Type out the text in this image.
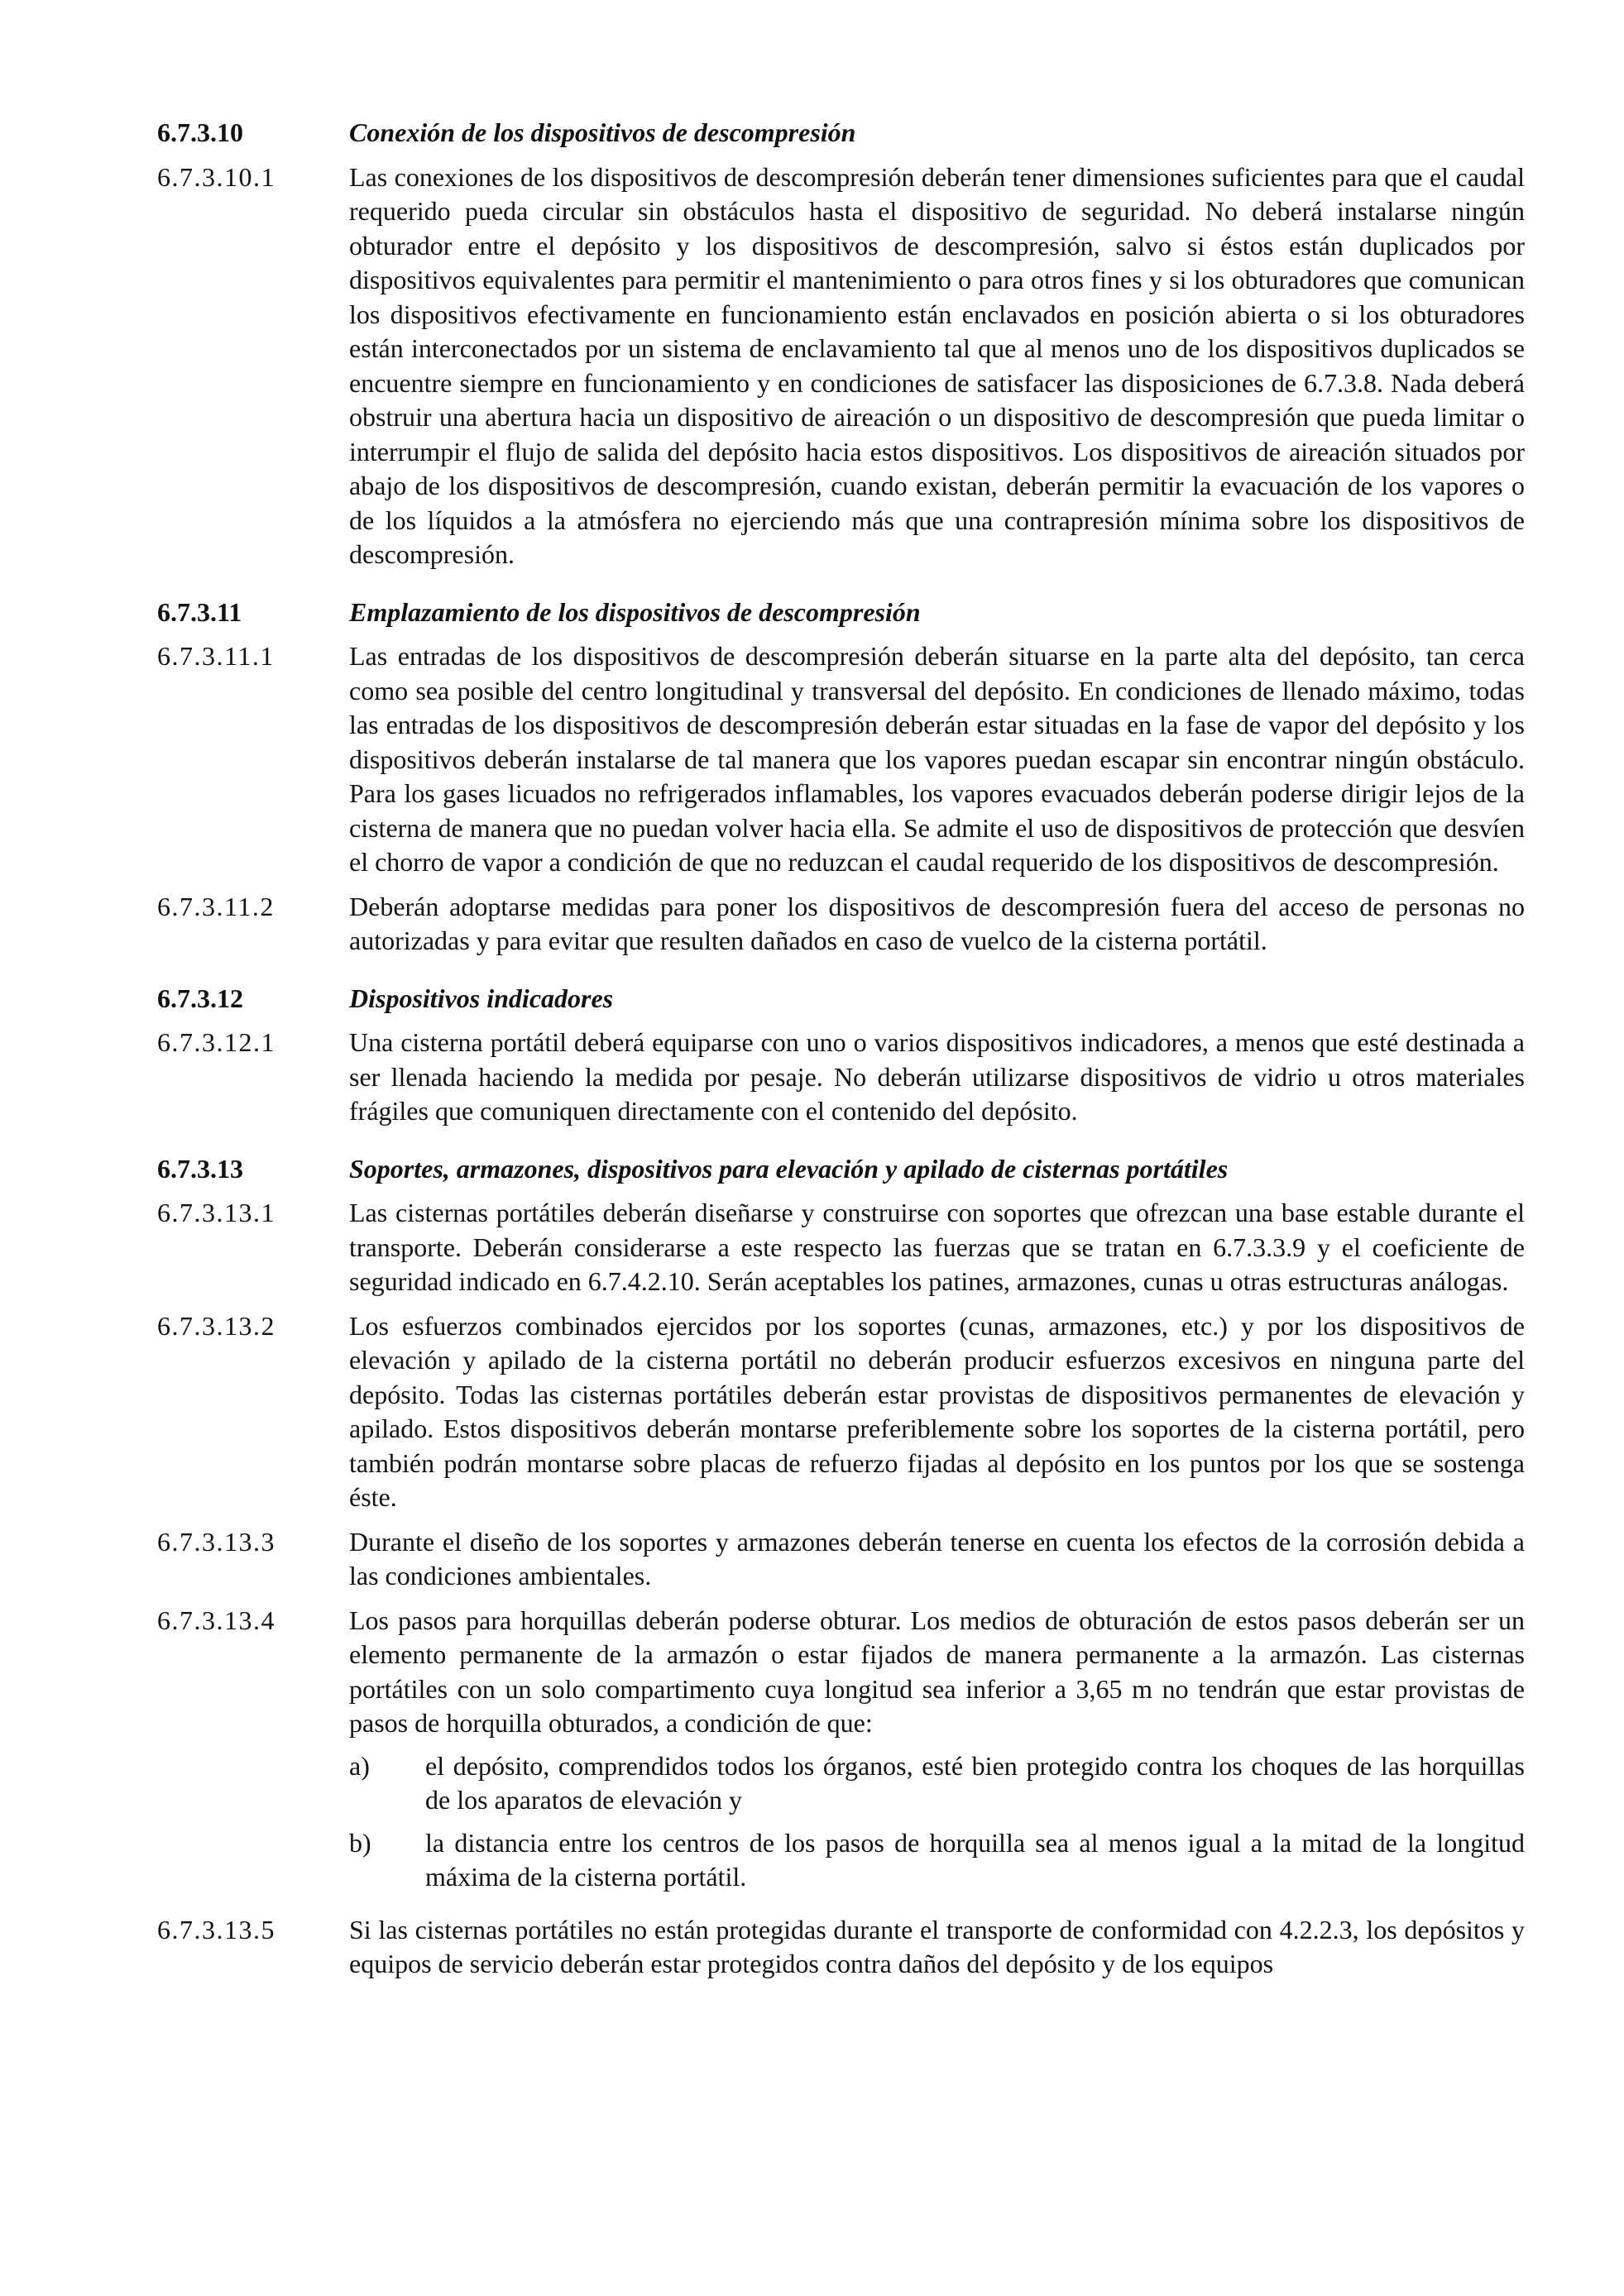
6.7.3.10	Conexión de los dispositivos de descompresión
6.7.3.10.1	Las conexiones de los dispositivos de descompresión deberán tener dimensiones suficientes para que el caudal requerido pueda circular sin obstáculos hasta el dispositivo de seguridad. No deberá instalarse ningún obturador entre el depósito y los dispositivos de descompresión, salvo si éstos están duplicados por dispositivos equivalentes para permitir el mantenimiento o para otros fines y si los obturadores que comunican los dispositivos efectivamente en funcionamiento están enclavados en posición abierta o si los obturadores están interconectados por un sistema de enclavamiento tal que al menos uno de los dispositivos duplicados se encuentre siempre en funcionamiento y en condiciones de satisfacer las disposiciones de 6.7.3.8. Nada deberá obstruir una abertura hacia un dispositivo de aireación o un dispositivo de descompresión que pueda limitar o interrumpir el flujo de salida del depósito hacia estos dispositivos. Los dispositivos de aireación situados por abajo de los dispositivos de descompresión, cuando existan, deberán permitir la evacuación de los vapores o de los líquidos a la atmósfera no ejerciendo más que una contrapresión mínima sobre los dispositivos de descompresión.
6.7.3.11	Emplazamiento de los dispositivos de descompresión
6.7.3.11.1	Las entradas de los dispositivos de descompresión deberán situarse en la parte alta del depósito, tan cerca como sea posible del centro longitudinal y transversal del depósito. En condiciones de llenado máximo, todas las entradas de los dispositivos de descompresión deberán estar situadas en la fase de vapor del depósito y los dispositivos deberán instalarse de tal manera que los vapores puedan escapar sin encontrar ningún obstáculo. Para los gases licuados no refrigerados inflamables, los vapores evacuados deberán poderse dirigir lejos de la cisterna de manera que no puedan volver hacia ella. Se admite el uso de dispositivos de protección que desvíen el chorro de vapor a condición de que no reduzcan el caudal requerido de los dispositivos de descompresión.
6.7.3.11.2	Deberán adoptarse medidas para poner los dispositivos de descompresión fuera del acceso de personas no autorizadas y para evitar que resulten dañados en caso de vuelco de la cisterna portátil.
6.7.3.12	Dispositivos indicadores
6.7.3.12.1	Una cisterna portátil deberá equiparse con uno o varios dispositivos indicadores, a menos que esté destinada a ser llenada haciendo la medida por pesaje. No deberán utilizarse dispositivos de vidrio u otros materiales frágiles que comuniquen directamente con el contenido del depósito.
6.7.3.13	Soportes, armazones, dispositivos para elevación y apilado de cisternas portátiles
6.7.3.13.1	Las cisternas portátiles deberán diseñarse y construirse con soportes que ofrezcan una base estable durante el transporte. Deberán considerarse a este respecto las fuerzas que se tratan en 6.7.3.3.9 y el coeficiente de seguridad indicado en 6.7.4.2.10. Serán aceptables los patines, armazones, cunas u otras estructuras análogas.
6.7.3.13.2	Los esfuerzos combinados ejercidos por los soportes (cunas, armazones, etc.) y por los dispositivos de elevación y apilado de la cisterna portátil no deberán producir esfuerzos excesivos en ninguna parte del depósito. Todas las cisternas portátiles deberán estar provistas de dispositivos permanentes de elevación y apilado. Estos dispositivos deberán montarse preferiblemente sobre los soportes de la cisterna portátil, pero también podrán montarse sobre placas de refuerzo fijadas al depósito en los puntos por los que se sostenga éste.
6.7.3.13.3	Durante el diseño de los soportes y armazones deberán tenerse en cuenta los efectos de la corrosión debida a las condiciones ambientales.
6.7.3.13.4	Los pasos para horquillas deberán poderse obturar. Los medios de obturación de estos pasos deberán ser un elemento permanente de la armazón o estar fijados de manera permanente a la armazón. Las cisternas portátiles con un solo compartimento cuya longitud sea inferior a 3,65 m no tendrán que estar provistas de pasos de horquilla obturados, a condición de que:
a)	el depósito, comprendidos todos los órganos, esté bien protegido contra los choques de las horquillas de los aparatos de elevación y
b)	la distancia entre los centros de los pasos de horquilla sea al menos igual a la mitad de la longitud máxima de la cisterna portátil.
6.7.3.13.5	Si las cisternas portátiles no están protegidas durante el transporte de conformidad con 4.2.2.3, los depósitos y equipos de servicio deberán estar protegidos contra daños del depósito y de los equipos
